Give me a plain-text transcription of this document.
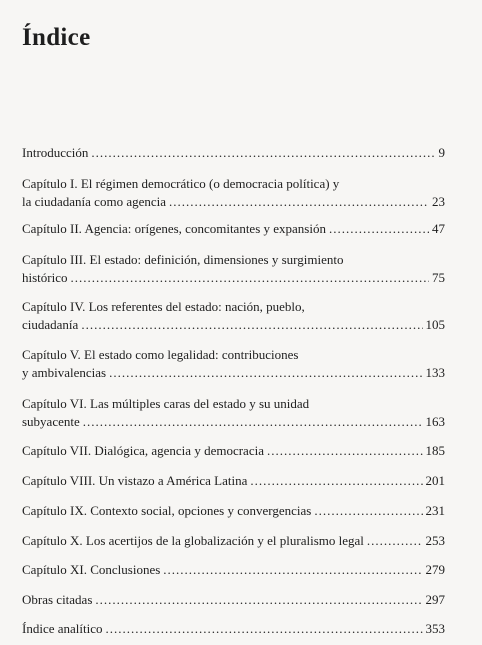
Índice
Introducción .....	9
Capítulo I. El régimen democrático (o democracia política) y
la ciudadanía como agencia .....	23
Capítulo II. Agencia: orígenes, concomitantes y expansión .....	47
Capítulo III. El estado: definición, dimensiones y surgimiento
histórico .....	75
Capítulo IV. Los referentes del estado: nación, pueblo,
ciudadanía .....	105
Capítulo V. El estado como legalidad: contribuciones
y ambivalencias .....	133
Capítulo VI. Las múltiples caras del estado y su unidad
subyacente .....	163
Capítulo VII. Dialógica, agencia y democracia .....	185
Capítulo VIII. Un vistazo a América Latina .....	201
Capítulo IX. Contexto social, opciones y convergencias .....	231
Capítulo X. Los acertijos de la globalización y el pluralismo legal .....	253
Capítulo XI. Conclusiones .....	279
Obras citadas .....	297
Índice analítico .....	353
